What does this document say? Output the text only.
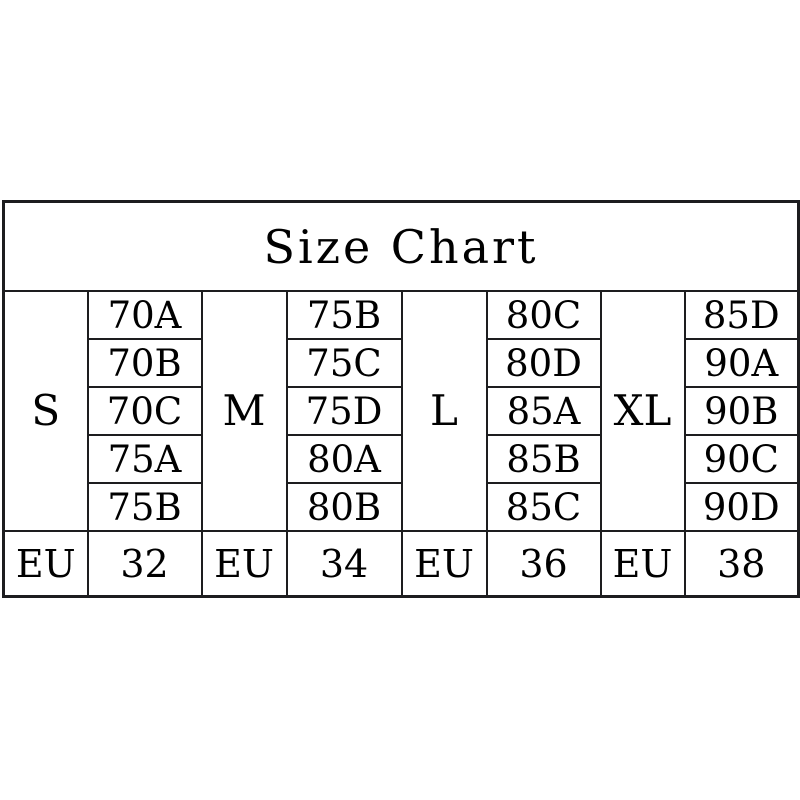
Size Chart							
S	70A	M	75B	L	80C	XL	85D
	70B		75C		80D		90A
	70C		75D		85A		90B
	75A		80A		85B		90C
	75B		80B		85C		90D
EU	32	EU	34	EU	36	EU	38
